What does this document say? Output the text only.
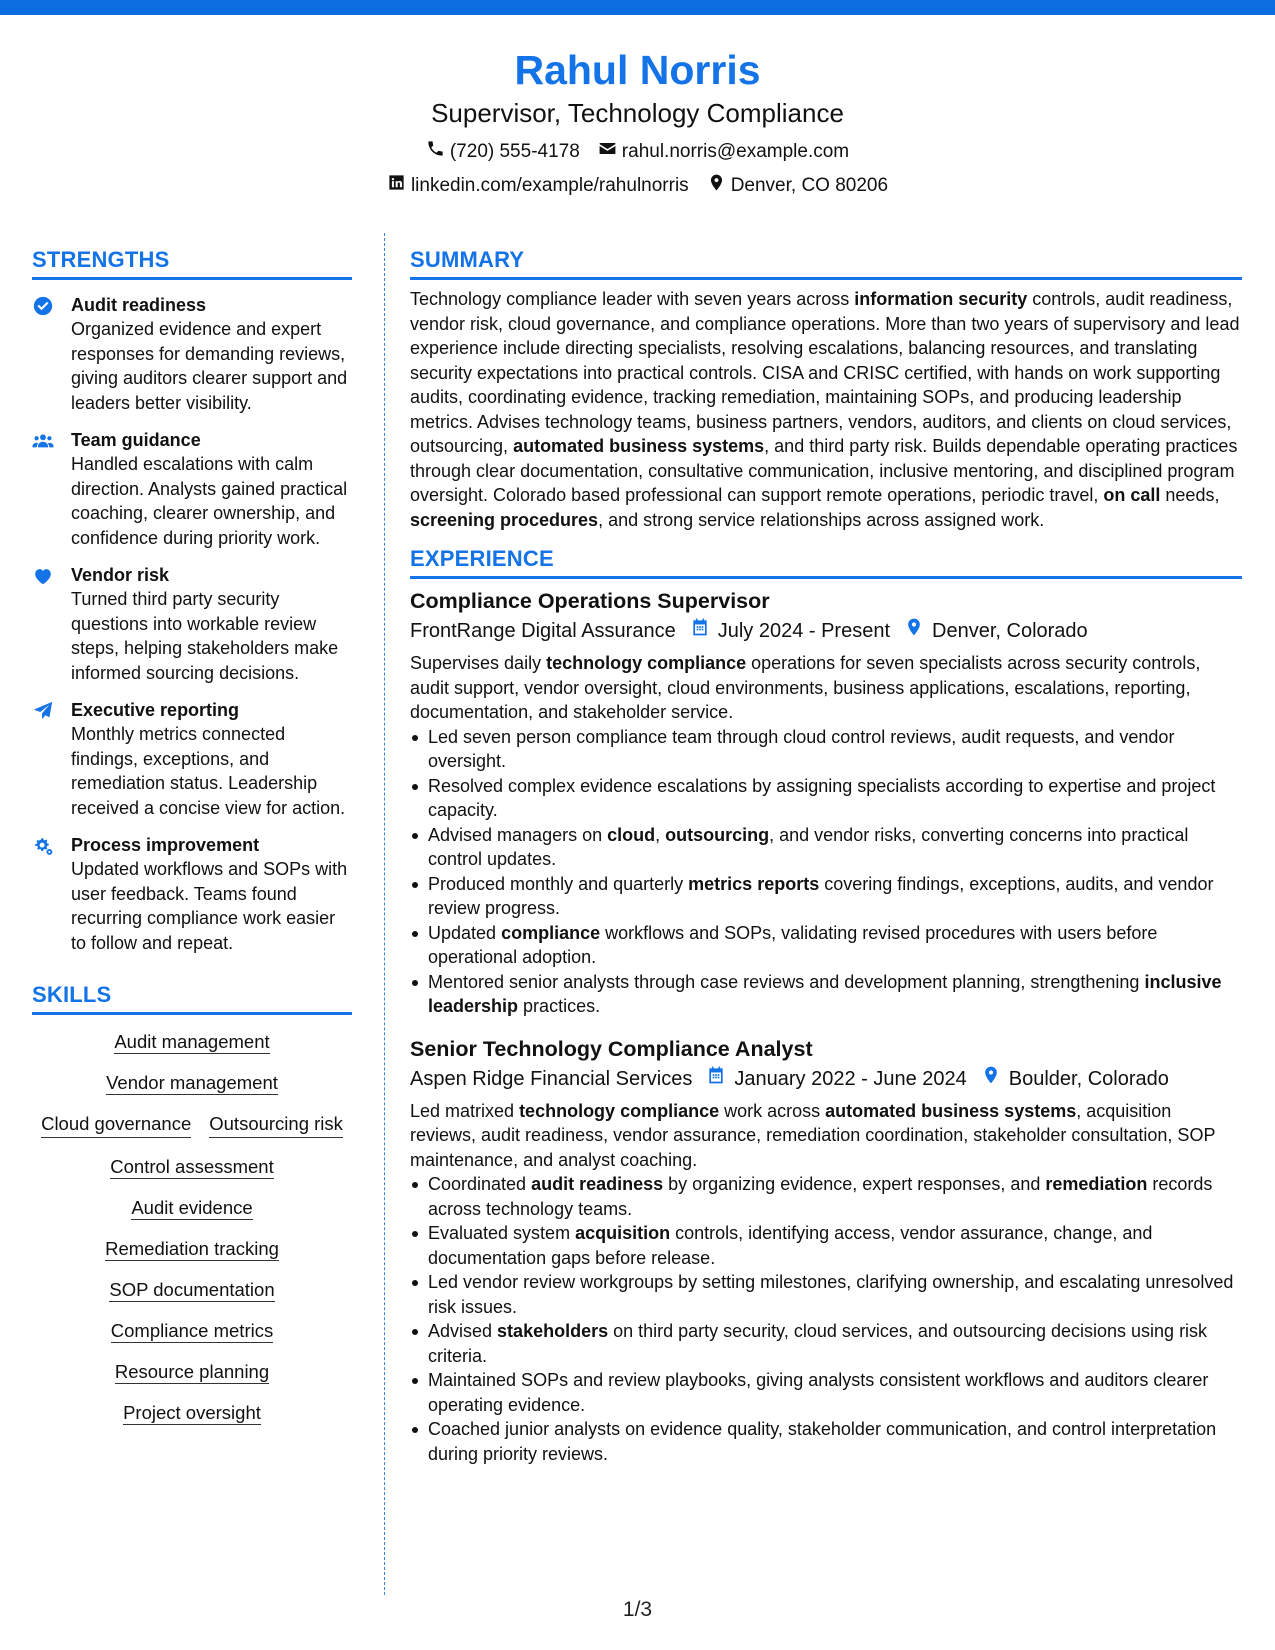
Rahul Norris
Supervisor, Technology Compliance
(720) 555-4178 rahul.norris@example.com
linkedin.com/example/rahulnorris Denver, CO 80206
STRENGTHS
Audit readiness
Organized evidence and expert responses for demanding reviews, giving auditors clearer support and leaders better visibility.
Team guidance
Handled escalations with calm direction. Analysts gained practical coaching, clearer ownership, and confidence during priority work.
Vendor risk
Turned third party security questions into workable review steps, helping stakeholders make informed sourcing decisions.
Executive reporting
Monthly metrics connected findings, exceptions, and remediation status. Leadership received a concise view for action.
Process improvement
Updated workflows and SOPs with user feedback. Teams found recurring compliance work easier to follow and repeat.
SKILLS
Audit management
Vendor management
Cloud governance Outsourcing risk
Control assessment
Audit evidence
Remediation tracking
SOP documentation
Compliance metrics
Resource planning
Project oversight
SUMMARY
Technology compliance leader with seven years across information security controls, audit readiness, vendor risk, cloud governance, and compliance operations. More than two years of supervisory and lead experience include directing specialists, resolving escalations, balancing resources, and translating security expectations into practical controls. CISA and CRISC certified, with hands on work supporting audits, coordinating evidence, tracking remediation, maintaining SOPs, and producing leadership metrics. Advises technology teams, business partners, vendors, auditors, and clients on cloud services, outsourcing, automated business systems, and third party risk. Builds dependable operating practices through clear documentation, consultative communication, inclusive mentoring, and disciplined program oversight. Colorado based professional can support remote operations, periodic travel, on call needs, screening procedures, and strong service relationships across assigned work.
EXPERIENCE
Compliance Operations Supervisor
FrontRange Digital Assurance July 2024 - Present Denver, Colorado
Supervises daily technology compliance operations for seven specialists across security controls, audit support, vendor oversight, cloud environments, business applications, escalations, reporting, documentation, and stakeholder service.
Led seven person compliance team through cloud control reviews, audit requests, and vendor oversight.
Resolved complex evidence escalations by assigning specialists according to expertise and project capacity.
Advised managers on cloud, outsourcing, and vendor risks, converting concerns into practical control updates.
Produced monthly and quarterly metrics reports covering findings, exceptions, audits, and vendor review progress.
Updated compliance workflows and SOPs, validating revised procedures with users before operational adoption.
Mentored senior analysts through case reviews and development planning, strengthening inclusive leadership practices.
Senior Technology Compliance Analyst
Aspen Ridge Financial Services January 2022 - June 2024 Boulder, Colorado
Led matrixed technology compliance work across automated business systems, acquisition reviews, audit readiness, vendor assurance, remediation coordination, stakeholder consultation, SOP maintenance, and analyst coaching.
Coordinated audit readiness by organizing evidence, expert responses, and remediation records across technology teams.
Evaluated system acquisition controls, identifying access, vendor assurance, change, and documentation gaps before release.
Led vendor review workgroups by setting milestones, clarifying ownership, and escalating unresolved risk issues.
Advised stakeholders on third party security, cloud services, and outsourcing decisions using risk criteria.
Maintained SOPs and review playbooks, giving analysts consistent workflows and auditors clearer operating evidence.
Coached junior analysts on evidence quality, stakeholder communication, and control interpretation during priority reviews.
1/3
